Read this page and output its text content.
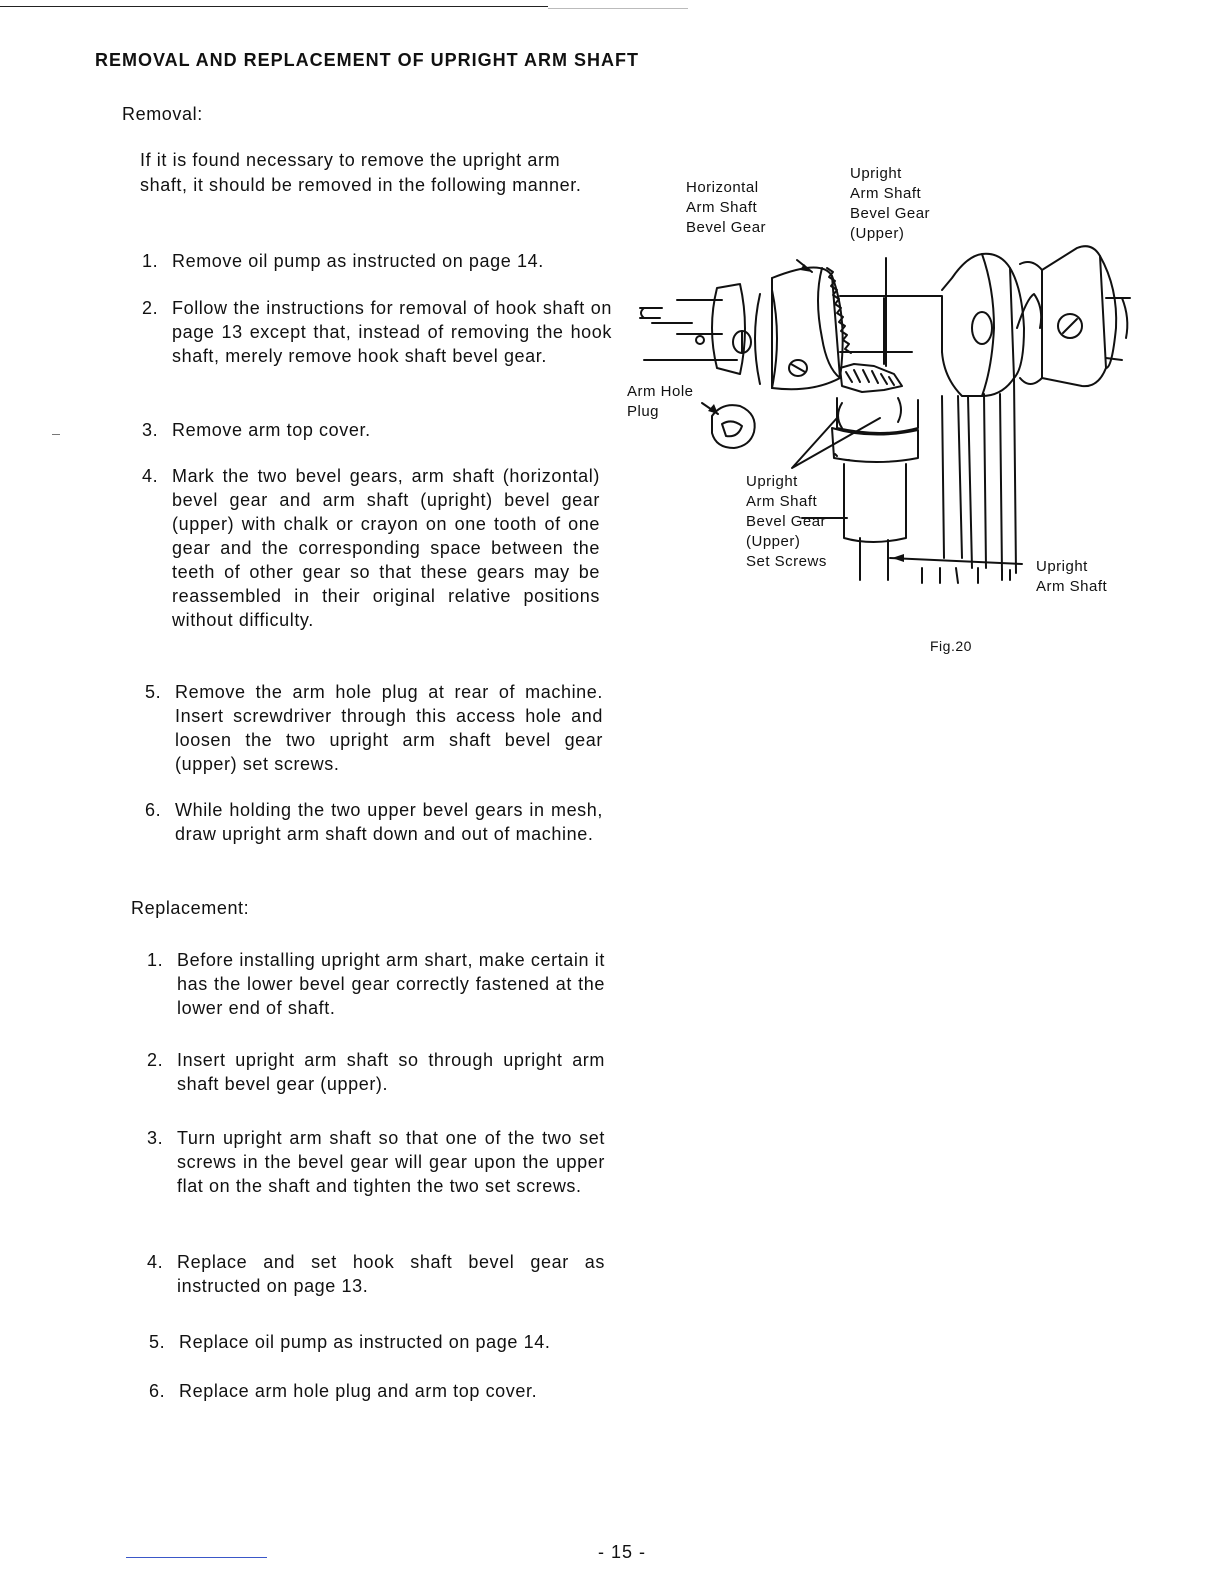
REMOVAL AND REPLACEMENT OF UPRIGHT ARM SHAFT
Removal:
If it is found necessary to remove the upright arm shaft, it should be removed in the following manner.
1. Remove oil pump as instructed on page 14.
2. Follow the instructions for removal of hook shaft on page 13 except that, instead of removing the hook shaft, merely remove hook shaft bevel gear.
3. Remove arm top cover.
4. Mark the two bevel gears, arm shaft (horizontal) bevel gear and arm shaft (upright) bevel gear (upper) with chalk or crayon on one tooth of one gear and the corresponding space between the teeth of other gear so that these gears may be reassembled in their original relative positions without difficulty.
5. Remove the arm hole plug at rear of machine. Insert screwdriver through this access hole and loosen the two upright arm shaft bevel gear (upper) set screws.
6. While holding the two upper bevel gears in mesh, draw upright arm shaft down and out of machine.
Replacement:
1. Before installing upright arm shart, make certain it has the lower bevel gear correctly fastened at the lower end of shaft.
2. Insert upright arm shaft so through upright arm shaft bevel gear (upper).
3. Turn upright arm shaft so that one of the two set screws in the bevel gear will gear upon the upper flat on the shaft and tighten the two set screws.
4. Replace and set hook shaft bevel gear as instructed on page 13.
5. Replace oil pump as instructed on page 14.
6. Replace arm hole plug and arm top cover.
Horizontal
Arm Shaft
Bevel Gear
Upright
Arm Shaft
Bevel Gear
(Upper)
Arm Hole
Plug
Upright
Arm Shaft
Bevel Gear
(Upper)
Set Screws	Upright
Arm Shaft
Fig.20
- 15 -
